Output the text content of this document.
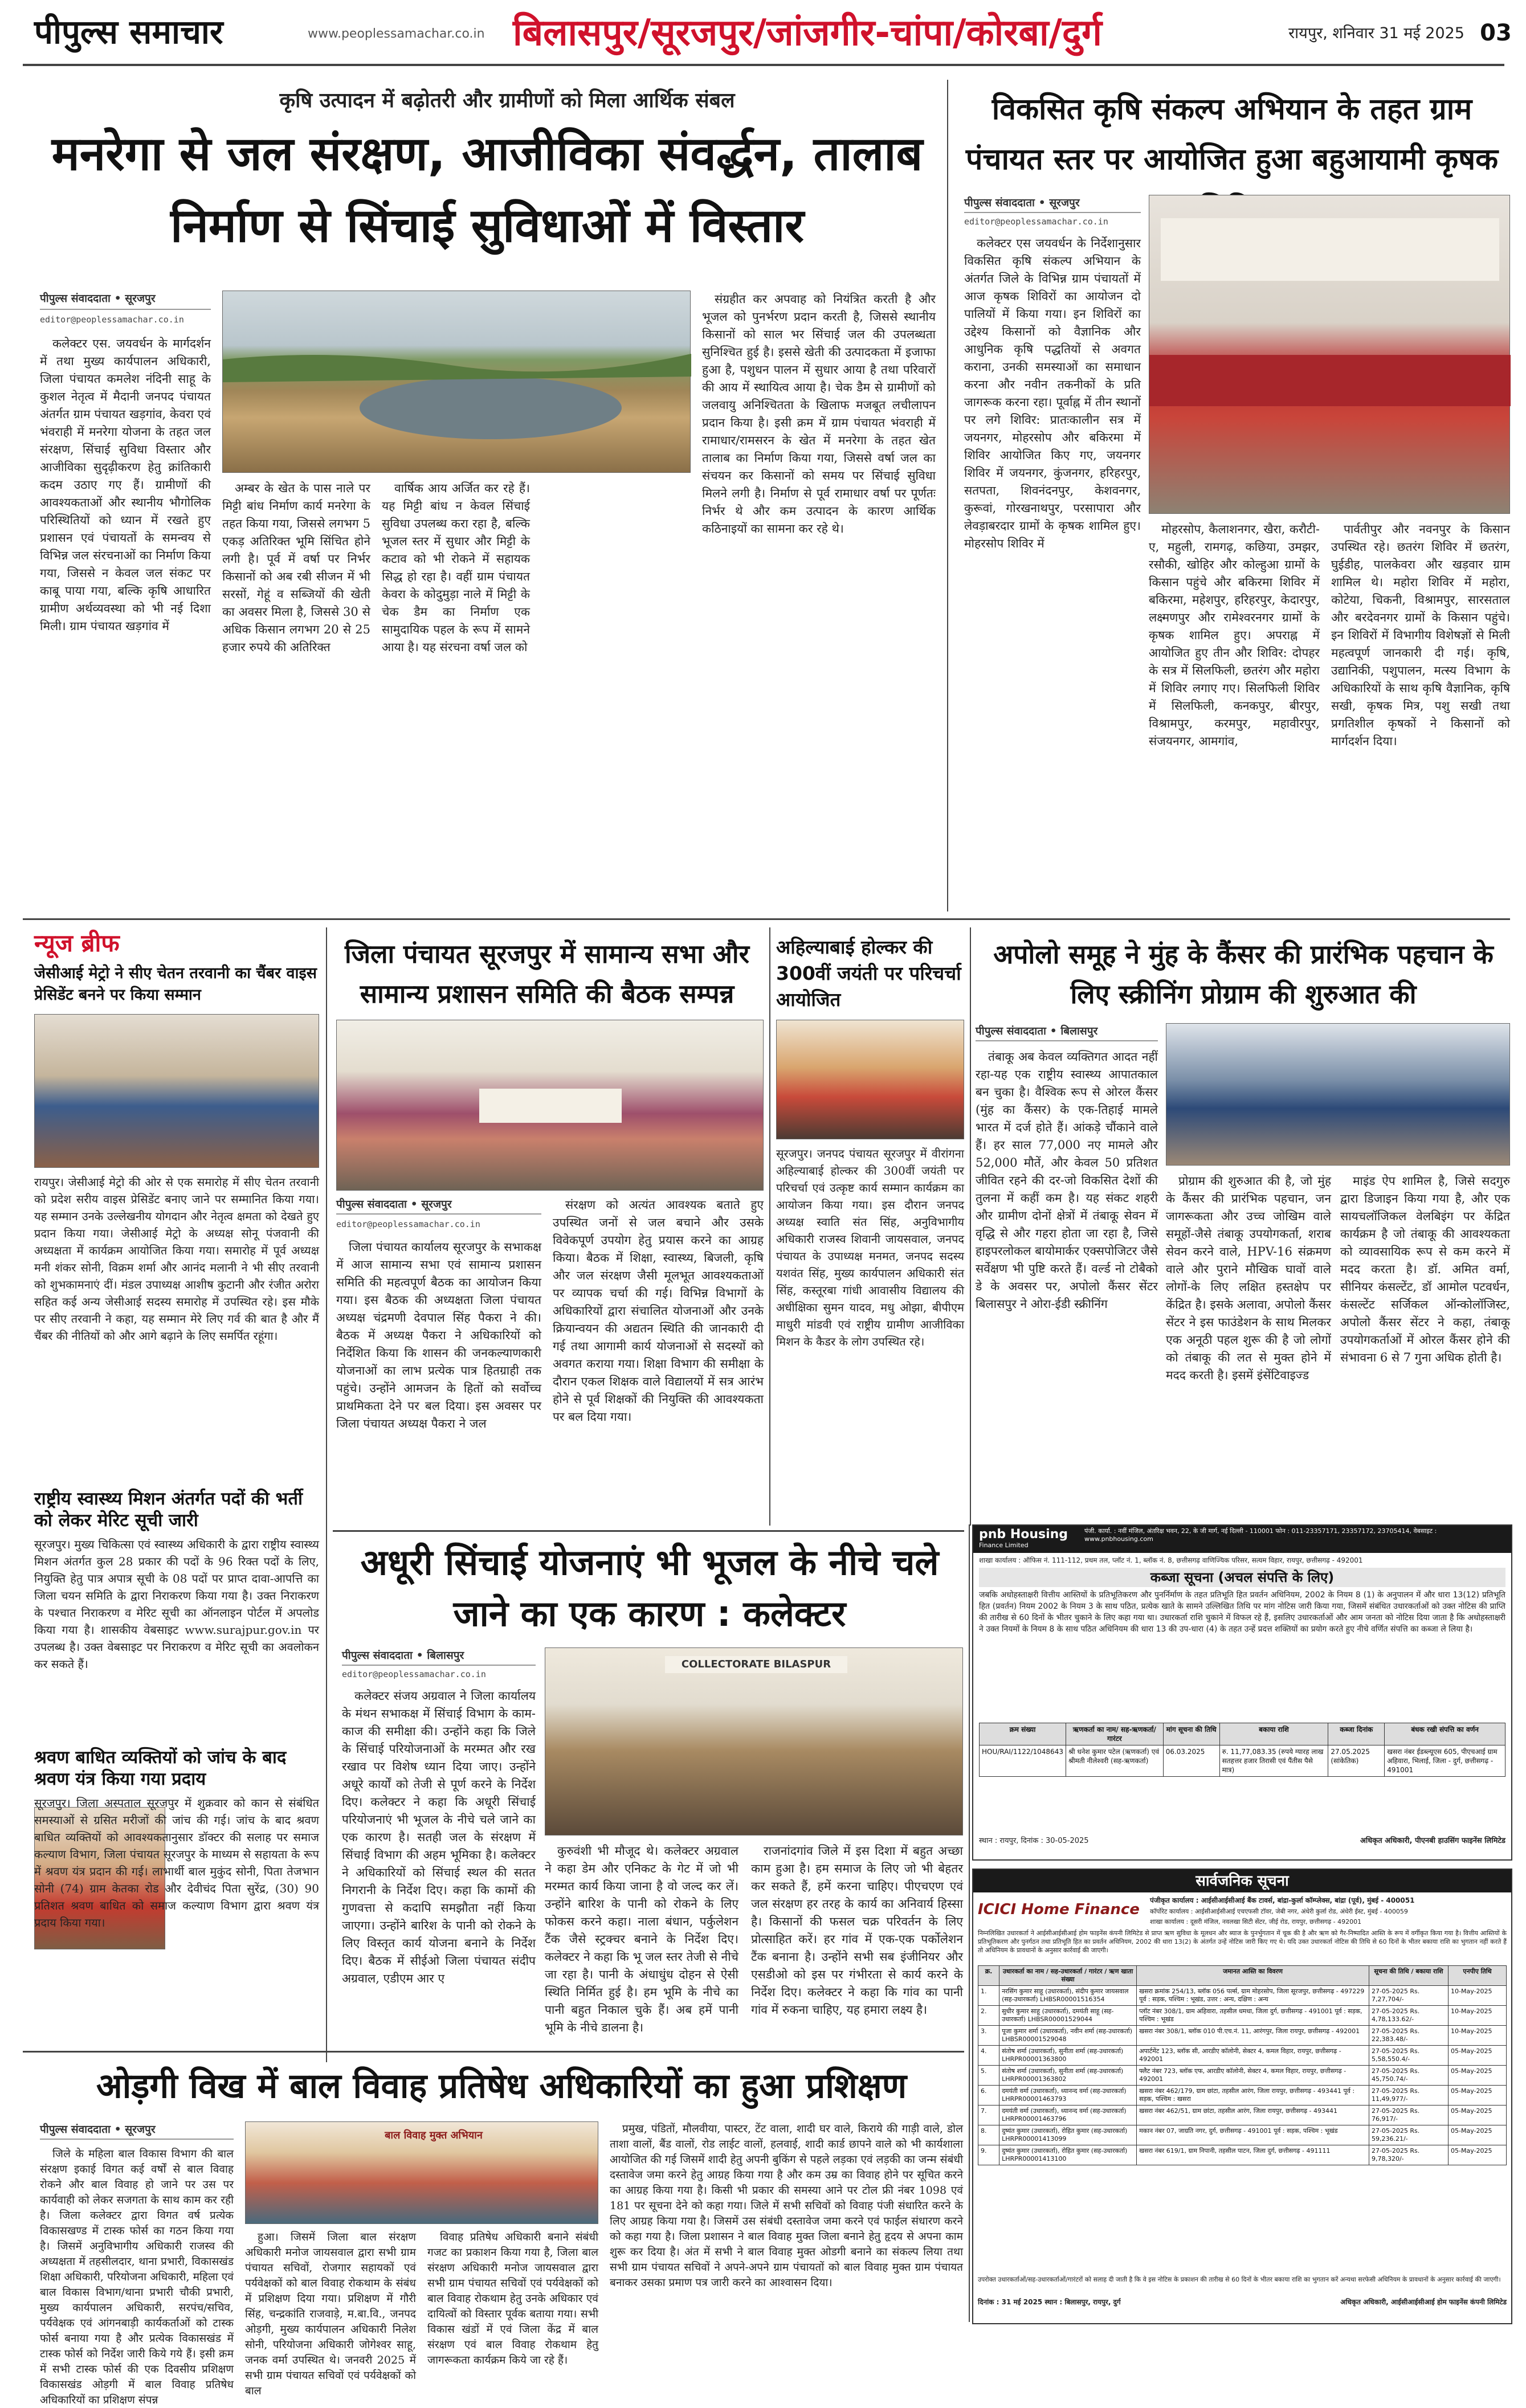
पीपुल्स समाचार	www.peoplessamachar.co.in बिलासपुर/सूरजपुर/जांजगीर-चांपा/कोरबा/दुर्ग	रायपुर, शनिवार 31 मई 2025 03
कृषि उत्पादन में बढ़ोतरी और ग्रामीणों को मिला आर्थिक संबल
मनरेगा से जल संरक्षण, आजीविका संवर्द्धन, तालाब निर्माण से सिंचाई सुविधाओं में विस्तार
पीपुल्स संवाददाता • सूरजपुर
editor@peoplessamachar.co.in

कलेक्टर एस. जयवर्धन के मार्गदर्शन में तथा मुख्य कार्यपालन अधिकारी, जिला पंचायत कमलेश नंदिनी साहू के कुशल नेतृत्व में मैदानी जनपद पंचायत अंतर्गत ग्राम पंचायत खड़गांव, केवरा एवं भंवराही में मनरेगा योजना के तहत जल संरक्षण, सिंचाई सुविधा विस्तार और आजीविका सुदृढ़ीकरण हेतु क्रांतिकारी कदम उठाए गए हैं। ग्रामीणों की आवश्यकताओं और स्थानीय भौगोलिक परिस्थितियों को ध्यान में रखते हुए प्रशासन एवं पंचायतों के समन्वय से विभिन्न जल संरचनाओं का निर्माण किया गया, जिससे न केवल जल संकट पर काबू पाया गया, बल्कि कृषि आधारित ग्रामीण अर्थव्यवस्था को भी नई दिशा मिली। ग्राम पंचायत खड़गांव में

अम्बर के खेत के पास नाले पर मिट्टी बांध निर्माण कार्य मनरेगा के तहत किया गया, जिससे लगभग 5 एकड़ अतिरिक्त भूमि सिंचित होने लगी है। पूर्व में वर्षा पर निर्भर किसानों को अब रबी सीजन में भी सरसों, गेहूं व सब्जियों की खेती का अवसर मिला है, जिससे 30 से अधिक किसान लगभग 20 से 25 हजार रुपये की अतिरिक्त

वार्षिक आय अर्जित कर रहे हैं। यह मिट्टी बांध न केवल सिंचाई सुविधा उपलब्ध करा रहा है, बल्कि भूजल स्तर में सुधार और मिट्टी के कटाव को भी रोकने में सहायक सिद्ध हो रहा है। वहीं ग्राम पंचायत केवरा के कोदुमुड़ा नाले में मिट्टी के चेक डैम का निर्माण एक सामुदायिक पहल के रूप में सामने आया है। यह संरचना वर्षा जल को

संग्रहीत कर अपवाह को नियंत्रित करती है और भूजल को पुनर्भरण प्रदान करती है, जिससे स्थानीय किसानों को साल भर सिंचाई जल की उपलब्धता सुनिश्चित हुई है। इससे खेती की उत्पादकता में इजाफा हुआ है, पशुधन पालन में सुधार आया है तथा परिवारों की आय में स्थायित्व आया है। चेक डैम से ग्रामीणों को जलवायु अनिश्चितता के खिलाफ मजबूत लचीलापन प्रदान किया है। इसी क्रम में ग्राम पंचायत भंवराही में रामाधार/रामसरन के खेत में मनरेगा के तहत खेत तालाब का निर्माण किया गया, जिससे वर्षा जल का संचयन कर किसानों को समय पर सिंचाई सुविधा मिलने लगी है। निर्माण से पूर्व रामाधार वर्षा पर पूर्णतः निर्भर थे और कम उत्पादन के कारण आर्थिक कठिनाइयों का सामना कर रहे थे।

विकसित कृषि संकल्प अभियान के तहत ग्राम पंचायत स्तर पर आयोजित हुआ बहुआयामी कृषक
पीपुल्स संवाददाता • सूरजपुर
editor@peoplessamachar.co.in

कलेक्टर एस जयवर्धन के निर्देशानुसार विकसित कृषि संकल्प अभियान के अंतर्गत जिले के विभिन्न ग्राम पंचायतों में आज कृषक शिविरों का आयोजन दो पालियों में किया गया। इन शिविरों का उद्देश्य किसानों को वैज्ञानिक और आधुनिक कृषि पद्धतियों से अवगत कराना, उनकी समस्याओं का समाधान करना और नवीन तकनीकों के प्रति जागरूक करना रहा। पूर्वाह्न में तीन स्थानों पर लगे शिविर: प्रातःकालीन सत्र में जयनगर, मोहरसोप और बकिरमा में शिविर आयोजित किए गए, जयनगर शिविर में जयनगर, कुंजनगर, हरिहरपुर, सतपता, शिवनंदनपुर, केशवनगर, कुरूवां, गोरखनाथपुर, परसापारा और लेवड़ाबरदार ग्रामों के कृषक शामिल हुए। मोहरसोप शिविर में

मोहरसोप, कैलाशनगर, खैरा, करौटी-ए, महुली, रामगढ़, कछिया, उमझर, रसौकी, खोहिर और कोल्हुआ ग्रामों के किसान पहुंचे और बकिरमा शिविर में बकिरमा, महेशपुर, हरिहरपुर, केदारपुर, लक्ष्मणपुर और रामेश्वरनगर ग्रामों के कृषक शामिल हुए। अपराह्न में आयोजित हुए तीन और शिविर: दोपहर के सत्र में सिलफिली, छतरंग और महोरा में शिविर लगाए गए। सिलफिली शिविर में सिलफिली, कनकपुर, बीरपुर, विश्रामपुर, करमपुर, महावीरपुर, संजयनगर, आमगांव,

पार्वतीपुर और नवनपुर के किसान उपस्थित रहे। छतरंग शिविर में छतरंग, घुईडीह, पालकेवरा और खड़वार ग्राम शामिल थे। महोरा शिविर में महोरा, कोटेया, चिकनी, विश्रामपुर, सारसताल और बरदेवनगर ग्रामों के किसान पहुंचे। इन शिविरों में विभागीय विशेषज्ञों से मिली महत्वपूर्ण जानकारी दी गई। कृषि, उद्यानिकी, पशुपालन, मत्स्य विभाग के अधिकारियों के साथ कृषि वैज्ञानिक, कृषि सखी, कृषक मित्र, पशु सखी तथा प्रगतिशील कृषकों ने किसानों को मार्गदर्शन दिया।

न्यूज ब्रीफ
जेसीआई मेट्रो ने सीए चेतन तरवानी का चैंबर वाइस प्रेसिडेंट बनने पर किया सम्मान
रायपुर। जेसीआई मेट्रो की ओर से एक समारोह में सीए चेतन तरवानी को प्रदेश सरीय वाइस प्रेसिडेंट बनाए जाने पर सम्मानित किया गया। यह सम्मान उनके उल्लेखनीय योगदान और नेतृत्व क्षमता को देखते हुए प्रदान किया गया। जेसीआई मेट्रो के अध्यक्ष सोनू पंजवानी की अध्यक्षता में कार्यक्रम आयोजित किया गया। समारोह में पूर्व अध्यक्ष मनी शंकर सोनी, विक्रम शर्मा और आनंद मलानी ने भी सीए तरवानी को शुभकामनाएं दीं। मंडल उपाध्यक्ष आशीष कुटानी और रंजीत अरोरा सहित कई अन्य जेसीआई सदस्य समारोह में उपस्थित रहे। इस मौके पर सीए तरवानी ने कहा, यह सम्मान मेरे लिए गर्व की बात है और मैं चैंबर की नीतियों को और आगे बढ़ाने के लिए समर्पित रहूंगा।
राष्ट्रीय स्वास्थ्य मिशन अंतर्गत पदों की भर्ती को लेकर मेरिट सूची जारी
सूरजपुर। मुख्य चिकित्सा एवं स्वास्थ्य अधिकारी के द्वारा राष्ट्रीय स्वास्थ्य मिशन अंतर्गत कुल 28 प्रकार की पदों के 96 रिक्त पदों के लिए, नियुक्ति हेतु पात्र अपात्र सूची के 08 पदों पर प्राप्त दावा-आपत्ति का जिला चयन समिति के द्वारा निराकरण किया गया है। उक्त निराकरण के पश्चात निराकरण व मेरिट सूची का ऑनलाइन पोर्टल में अपलोड किया गया है। शासकीय वेबसाइट www.surajpur.gov.in पर उपलब्ध है। उक्त वेबसाइट पर निराकरण व मेरिट सूची का अवलोकन कर सकते हैं।
श्रवण बाधित व्यक्तियों को जांच के बाद श्रवण यंत्र किया गया प्रदाय
सूरजपुर। जिला अस्पताल सूरजपुर में शुक्रवार को कान से संबंधित समस्याओं से ग्रसित मरीजों की जांच की गई। जांच के बाद श्रवण बाधित व्यक्तियों को आवश्यकतानुसार डॉक्टर की सलाह पर समाज कल्याण विभाग, जिला पंचायत सूरजपुर के माध्यम से सहायता के रूप में श्रवण यंत्र प्रदान की गई। लाभार्थी बाल मुकुंद सोनी, पिता तेजभान सोनी (74) ग्राम केतका रोड और देवीचंद पिता सुरेंद्र, (30) 90 प्रतिशत श्रवण बाधित को समाज कल्याण विभाग द्वारा श्रवण यंत्र प्रदाय किया गया।
जिला पंचायत सूरजपुर में सामान्य सभा और सामान्य प्रशासन समिति की बैठक सम्पन्न
पीपुल्स संवाददाता • सूरजपुर
editor@peoplessamachar.co.in

जिला पंचायत कार्यालय सूरजपुर के सभाकक्ष में आज सामान्य सभा एवं सामान्य प्रशासन समिति की महत्वपूर्ण बैठक का आयोजन किया गया। इस बैठक की अध्यक्षता जिला पंचायत अध्यक्ष चंद्रमणी देवपाल सिंह पैकरा ने की। बैठक में अध्यक्ष पैकरा ने अधिकारियों को निर्देशित किया कि शासन की जनकल्याणकारी योजनाओं का लाभ प्रत्येक पात्र हितग्राही तक पहुंचे। उन्होंने आमजन के हितों को सर्वोच्च प्राथमिकता देने पर बल दिया। इस अवसर पर जिला पंचायत अध्यक्ष पैकरा ने जल

संरक्षण को अत्यंत आवश्यक बताते हुए उपस्थित जनों से जल बचाने और उसके विवेकपूर्ण उपयोग हेतु प्रयास करने का आग्रह किया। बैठक में शिक्षा, स्वास्थ्य, बिजली, कृषि और जल संरक्षण जैसी मूलभूत आवश्यकताओं पर व्यापक चर्चा की गई। विभिन्न विभागों के अधिकारियों द्वारा संचालित योजनाओं और उनके क्रियान्वयन की अद्यतन स्थिति की जानकारी दी गई तथा आगामी कार्य योजनाओं से सदस्यों को अवगत कराया गया। शिक्षा विभाग की समीक्षा के दौरान एकल शिक्षक वाले विद्यालयों में सत्र आरंभ होने से पूर्व शिक्षकों की नियुक्ति की आवश्यकता पर बल दिया गया।

अहिल्याबाई होल्कर की 300वीं जयंती पर परिचर्चा आयोजित
सूरजपुर। जनपद पंचायत सूरजपुर में वीरांगना अहिल्याबाई होल्कर की 300वीं जयंती पर परिचर्चा एवं उत्कृष्ट कार्य सम्मान कार्यक्रम का आयोजन किया गया। इस दौरान जनपद अध्यक्ष स्वाति संत सिंह, अनुविभागीय अधिकारी राजस्व शिवानी जायसवाल, जनपद पंचायत के उपाध्यक्ष मनमत, जनपद सदस्य यशवंत सिंह, मुख्य कार्यपालन अधिकारी संत सिंह, कस्तूरबा गांधी आवासीय विद्यालय की अधीक्षिका सुमन यादव, मधु ओझा, बीपीएम माधुरी मांडवी एवं राष्ट्रीय ग्रामीण आजीविका मिशन के कैडर के लोग उपस्थित रहे।
अपोलो समूह ने मुंह के कैंसर की प्रारंभिक पहचान के लिए स्क्रीनिंग प्रोग्राम की शुरुआत की
पीपुल्स संवाददाता • बिलासपुर

तंबाकू अब केवल व्यक्तिगत आदत नहीं रहा-यह एक राष्ट्रीय स्वास्थ्य आपातकाल बन चुका है। वैश्विक रूप से ओरल कैंसर (मुंह का कैंसर) के एक-तिहाई मामले भारत में दर्ज होते हैं। आंकड़े चौंकाने वाले हैं। हर साल 77,000 नए मामले और 52,000 मौतें, और केवल 50 प्रतिशत जीवित रहने की दर-जो विकसित देशों की तुलना में कहीं कम है। यह संकट शहरी और ग्रामीण दोनों क्षेत्रों में तंबाकू सेवन में वृद्धि से और गहरा होता जा रहा है, जिसे हाइपरलोकल बायोमार्कर एक्सपोजिटर जैसे सर्वेक्षण भी पुष्टि करते हैं। वर्ल्ड नो टोबैको डे के अवसर पर, अपोलो कैंसर सेंटर बिलासपुर ने ओरा-ईडी स्क्रीनिंग

प्रोग्राम की शुरुआत की है, जो मुंह के कैंसर की प्रारंभिक पहचान, जन जागरूकता और उच्च जोखिम वाले समूहों-जैसे तंबाकू उपयोगकर्ता, शराब सेवन करने वाले, HPV-16 संक्रमण वाले और पुराने मौखिक घावों वाले लोगों-के लिए लक्षित हस्तक्षेप पर केंद्रित है। इसके अलावा, अपोलो कैंसर सेंटर ने इस फाउंडेशन के साथ मिलकर एक अनूठी पहल शुरू की है जो लोगों को तंबाकू की लत से मुक्त होने में मदद करती है। इसमें इंसेंटिवाइज्ड

माइंड ऐप शामिल है, जिसे सदगुरु द्वारा डिजाइन किया गया है, और एक सायचलॉजिकल वेलबिइंग पर केंद्रित कार्यक्रम है जो तंबाकू की आवश्यकता को व्यावसायिक रूप से कम करने में मदद करता है। डॉ. अमित वर्मा, सीनियर कंसल्टेंट, डॉ आमोल पटवर्धन, कंसल्टेंट सर्जिकल ऑन्कोलॉजिस्ट, अपोलो कैंसर सेंटर ने कहा, तंबाकू उपयोगकर्ताओं में ओरल कैंसर होने की संभावना 6 से 7 गुना अधिक होती है।

अधूरी सिंचाई योजनाएं भी भूजल के नीचे चले जाने का एक कारण : कलेक्टर
पीपुल्स संवाददाता • बिलासपुर
editor@peoplessamachar.co.in

कलेक्टर संजय अग्रवाल ने जिला कार्यालय के मंथन सभाकक्ष में सिंचाई विभाग के काम-काज की समीक्षा की। उन्होंने कहा कि जिले के सिंचाई परियोजनाओं के मरम्मत और रख रखाव पर विशेष ध्यान दिया जाए। उन्होंने अधूरे कार्यों को तेजी से पूर्ण करने के निर्देश दिए। कलेक्टर ने कहा कि अधूरी सिंचाई परियोजनाएं भी भूजल के नीचे चले जाने का एक कारण है। सतही जल के संरक्षण में सिंचाई विभाग की अहम भूमिका है। कलेक्टर ने अधिकारियों को सिंचाई स्थल की सतत निगरानी के निर्देश दिए। कहा कि कामों की गुणवत्ता से कदापि समझौता नहीं किया जाएगा। उन्होंने बारिश के पानी को रोकने के लिए विस्तृत कार्य योजना बनाने के निर्देश दिए। बैठक में सीईओ जिला पंचायत संदीप अग्रवाल, एडीएम आर ए

COLLECTORATE BILASPUR

कुरुवंशी भी मौजूद थे। कलेक्टर अग्रवाल ने कहा डेम और एनिकट के गेट में जो भी मरम्मत कार्य किया जाना है वो जल्द कर लें। उन्होंने बारिश के पानी को रोकने के लिए फोकस करने कहा। नाला बंधान, पर्कुलेशन टैंक जैसे स्ट्रक्चर बनाने के निर्देश दिए। कलेक्टर ने कहा कि भू जल स्तर तेजी से नीचे जा रहा है। पानी के अंधाधुंध दोहन से ऐसी स्थिति निर्मित हुई है। हम भूमि के नीचे का पानी बहुत निकाल चुके हैं। अब हमें पानी भूमि के नीचे डालना है।

राजनांदगांव जिले में इस दिशा में बहुत अच्छा काम हुआ है। हम समाज के लिए जो भी बेहतर कर सकते हैं, हमें करना चाहिए। पीएचएण एवं जल संरक्षण हर तरह के कार्य का अनिवार्य हिस्सा है। किसानों की फसल चक्र परिवर्तन के लिए प्रोत्साहित करें। हर गांव में एक-एक पर्कोलेशन टैंक बनाना है। उन्होंने सभी सब इंजीनियर और एसडीओ को इस पर गंभीरता से कार्य करने के निर्देश दिए। कलेक्टर ने कहा कि गांव का पानी गांव में रुकना चाहिए, यह हमारा लक्ष्य है।

ओड़गी विख में बाल विवाह प्रतिषेध अधिकारियों का हुआ प्रशिक्षण
पीपुल्स संवाददाता • सूरजपुर

जिले के महिला बाल विकास विभाग की बाल संरक्षण इकाई विगत कई वर्षों से बाल विवाह रोकने और बाल विवाह हो जाने पर उस पर कार्यवाही को लेकर सजगता के साथ काम कर रही है। जिला कलेक्टर द्वारा विगत वर्ष प्रत्येक विकासखण्ड में टास्क फोर्स का गठन किया गया है। जिसमें अनुविभागीय अधिकारी राजस्व की अध्यक्षता में तहसीलदार, थाना प्रभारी, विकासखंड शिक्षा अधिकारी, परियोजना अधिकारी, महिला एवं बाल विकास विभाग/थाना प्रभारी चौकी प्रभारी, मुख्य कार्यपालन अधिकारी, सरपंच/सचिव, पर्यवेक्षक एवं आंगनबाड़ी कार्यकर्ताओं को टास्क फोर्स बनाया गया है और प्रत्येक विकासखंड में टास्क फोर्स को निर्देश जारी किये गये हैं। इसी क्रम में सभी टास्क फोर्स की एक दिवसीय प्रशिक्षण विकासखंड ओड़गी में बाल विवाह प्रतिषेध अधिकारियों का प्रशिक्षण संपन्न

बाल विवाह मुक्त अभियान

हुआ। जिसमें जिला बाल संरक्षण अधिकारी मनोज जायसवाल द्वारा सभी ग्राम पंचायत सचिवों, रोजगार सहायकों एवं पर्यवेक्षकों को बाल विवाह रोकथाम के संबंध में प्रशिक्षण दिया गया। प्रशिक्षण में गौरी सिंह, चन्द्रकांति राजवाड़े, म.बा.वि., जनपद ओड़गी, मुख्य कार्यपालन अधिकारी निलेश सोनी, परियोजना अधिकारी जोगेश्वर साहू, जनक वर्मा उपस्थित थे। जनवरी 2025 में सभी ग्राम पंचायत सचिवों एवं पर्यवेक्षकों को बाल

विवाह प्रतिषेध अधिकारी बनाने संबंधी गजट का प्रकाशन किया गया है, जिला बाल संरक्षण अधिकारी मनोज जायसवाल द्वारा सभी ग्राम पंचायत सचिवों एवं पर्यवेक्षकों को बाल विवाह रोकथाम हेतु उनके अधिकार एवं दायित्वों को विस्तार पूर्वक बताया गया। सभी विकास खंडों में एवं जिला केंद्र में बाल संरक्षण एवं बाल विवाह रोकथाम हेतु जागरूकता कार्यक्रम किये जा रहे हैं।

प्रमुख, पंडितों, मौलवीया, पास्टर, टेंट वाला, शादी घर वाले, किराये की गाड़ी वाले, डोल ताशा वालों, बैंड वालों, रोड लाईट वालों, हलवाई, शादी कार्ड छापने वाले को भी कार्यशाला आयोजित की गई जिसमें शादी हेतु अपनी बुकिंग से पहले लड़का एवं लड़की का जन्म संबंधी दस्तावेज जमा करने हेतु आग्रह किया गया है और कम उम्र का विवाह होने पर सूचित करने का आग्रह किया गया है। किसी भी प्रकार की समस्या आने पर टोल फ्री नंबर 1098 एवं 181 पर सूचना देने को कहा गया। जिले में सभी सचिवों को विवाह पंजी संधारित करने के लिए आग्रह किया गया है। जिसमें उस संबंधी दस्तावेज जमा करने एवं फाईल संधारण करने को कहा गया है। जिला प्रशासन ने बाल विवाह मुक्त जिला बनाने हेतु हृदय से अपना काम शुरू कर दिया है। अंत में सभी ने बाल विवाह मुक्त ओडगी बनाने का संकल्प लिया तथा सभी ग्राम पंचायत सचिवों ने अपने-अपने ग्राम पंचायतों को बाल विवाह मुक्त ग्राम पंचायत बनाकर उसका प्रमाण पत्र जारी करने का आश्वासन दिया।

pnb Housing
Finance Limited
पंजी. कार्या. : नवीं मंजिल, अंतरिक्ष भवन, 22, के जी मार्ग, नई दिल्ली - 110001 फोन : 011-23357171, 23357172, 23705414, वेबसाइट : www.pnbhousing.com
शाखा कार्यालय : ऑफिस नं. 111-112, प्रथम तल, प्लॉट नं. 1, ब्लॉक नं. 8, छत्तीसगढ़ वाणिज्यिक परिसर, सत्यम विहार, रायपुर, छत्तीसगढ़ - 492001
कब्जा सूचना (अचल संपत्ति के लिए)
जबकि अधोहस्ताक्षरी वित्तीय आस्तियों के प्रतिभूतिकरण और पुनर्निर्माण के तहत प्रतिभूति हित प्रवर्तन अधिनियम, 2002 के नियम 8 (1) के अनुपालन में और धारा 13(12) प्रतिभूति हित (प्रवर्तन) नियम 2002 के नियम 3 के साथ पठित, प्रत्येक खाते के सामने उल्लिखित तिथि पर मांग नोटिस जारी किया गया, जिसमें संबंधित उधारकर्ताओं को उक्त नोटिस की प्राप्ति की तारीख से 60 दिनों के भीतर चुकाने के लिए कहा गया था। उधारकर्ता राशि चुकाने में विफल रहे हैं, इसलिए उधारकर्ताओं और आम जनता को नोटिस दिया जाता है कि अधोहस्ताक्षरी ने उक्त नियमों के नियम 8 के साथ पठित अधिनियम की धारा 13 की उप-धारा (4) के तहत उन्हें प्रदत्त शक्तियों का प्रयोग करते हुए नीचे वर्णित संपत्ति का कब्जा ले लिया है।
क्रम संख्या	ऋणकर्ता का नाम/ सह-ऋणकर्ता/ गारंटर	मांग सूचना की तिथि	बकाया राशि	कब्जा दिनांक	बंधक रखी संपत्ति का वर्णन
HOU/RAI/1122/1048643	श्री धनेश कुमार पटेल (ऋणकर्ता) एवं श्रीमती नीलेश्वरी (सह-ऋणकर्ता)	06.03.2025	रु. 11,77,083.35 (रुपये ग्यारह लाख सतहत्तर हजार तिरासी एवं पैंतीस पैसे मात्र)	27.05.2025 (सांकेतिक)	खसरा नंबर ईडब्ल्यूएस 605, पीएचआई ग्राम अहिवारा, भिलाई, जिला - दुर्ग, छत्तीसगढ़ - 491001
स्थान : रायपुर, दिनांक : 30-05-2025	अधिकृत अधिकारी, पीएनबी हाउसिंग फाइनेंस लिमिटेड
सार्वजनिक सूचना
ICICI Home Finance
पंजीकृत कार्यालय : आईसीआईसीआई बैंक टावर्स, बांद्रा-कुर्ला कॉम्प्लेक्स, बांद्रा (पूर्व), मुंबई - 400051
कॉर्पोरेट कार्यालय : आईसीआईसीआई एचएफसी टॉवर, जेबी नगर, अंधेरी कुर्ला रोड, अंधेरी ईस्ट, मुंबई - 400059
शाखा कार्यालय : दूसरी मंजिल, नवलखा सिटी सेंटर, जीई रोड, रायपुर, छत्तीसगढ़ - 492001
निम्नलिखित उधारकर्ता ने आईसीआईसीआई होम फाइनेंस कंपनी लिमिटेड से प्राप्त ऋण सुविधा के मूलधन और ब्याज के पुनर्भुगतान में चूक की है और ऋण को गैर-निष्पादित आस्ति के रूप में वर्गीकृत किया गया है। वित्तीय आस्तियों के प्रतिभूतिकरण और पुनर्गठन तथा प्रतिभूति हित का प्रवर्तन अधिनियम, 2002 की धारा 13(2) के अंतर्गत उन्हें नोटिस जारी किए गए थे। यदि उक्त उधारकर्ता नोटिस की तिथि से 60 दिनों के भीतर बकाया राशि का भुगतान नहीं करते हैं तो अधिनियम के प्रावधानों के अनुसार कार्रवाई की जाएगी।
क्र.	उधारकर्ता का नाम / सह-उधारकर्ता / गारंटर / ऋण खाता संख्या	जमानत आस्ति का विवरण	सूचना की तिथि / बकाया राशि	एनपीए तिथि
1.	नरसिंग कुमार साहू (उधारकर्ता), संदीप कुमार जायसवाल (सह-उधारकर्ता) LHBSR00001516354	खसरा क्रमांक 254/13, ब्लॉक 056 पर्ल्स, ग्राम मोहरसोप, जिला सूरजपुर, छत्तीसगढ़ - 497229 पूर्व : सड़क, पश्चिम : भूखंड, उत्तर : अन्य, दक्षिण : अन्य	27-05-2025 Rs. 7,27,704/-	10-May-2025
2.	सुधीर कुमार साहू (उधारकर्ता), दमयंती साहू (सह-उधारकर्ता) LHBSR00001529044	प्लॉट नंबर 308/1, ग्राम अहिवारा, तहसील धमधा, जिला दुर्ग, छत्तीसगढ़ - 491001 पूर्व : सड़क, पश्चिम : भूखंड	27-05-2025 Rs. 4,78,133.62/-	10-May-2025
3.	पूजा कुमार शर्मा (उधारकर्ता), नवीन शर्मा (सह-उधारकर्ता) LHBSR00001529048	खसरा नंबर 308/1, ब्लॉक 010 पी.एच.नं. 11, आरंगपुर, जिला रायपुर, छत्तीसगढ़ - 492001	27-05-2025 Rs. 22,383.48/-	10-May-2025
4.	संतोष शर्मा (उधारकर्ता), सुनीता शर्मा (सह-उधारकर्ता) LHRPR00001363800	अपार्टमेंट 123, ब्लॉक सी, आरडीए कॉलोनी, सेक्टर 4, कमल विहार, रायपुर, छत्तीसगढ़ - 492001	27-05-2025 Rs. 5,58,550.4/-	05-May-2025
5.	संतोष शर्मा (उधारकर्ता), सुनीता शर्मा (सह-उधारकर्ता) LHRPR00001363802	फ्लैट नंबर 723, ब्लॉक एफ, आरडीए कॉलोनी, सेक्टर 4, कमल विहार, रायपुर, छत्तीसगढ़ - 492001	27-05-2025 Rs. 45,750.74/-	05-May-2025
6.	दमयंती वर्मा (उधारकर्ता), ध्यानन्द वर्मा (सह-उधारकर्ता) LHRPR00001463793	खसरा नंबर 462/179, ग्राम छांटा, तहसील आरंग, जिला रायपुर, छत्तीसगढ़ - 493441 पूर्व : सड़क, पश्चिम : खसरा	27-05-2025 Rs. 11,49,977/-	05-May-2025
7.	दमयंती वर्मा (उधारकर्ता), ध्यानन्द वर्मा (सह-उधारकर्ता) LHRPR00001463796	खसरा नंबर 462/51, ग्राम छांटा, तहसील आरंग, जिला रायपुर, छत्तीसगढ़ - 493441	27-05-2025 Rs. 76,917/-	05-May-2025
8.	दुष्यंत कुमार (उधारकर्ता), रोहित कुमार (सह-उधारकर्ता) LHRPR00001413099	मकान नंबर 07, जाग्रति नगर, दुर्ग, छत्तीसगढ़ - 491001 पूर्व : सड़क, पश्चिम : भूखंड	27-05-2025 Rs. 59,236.21/-	05-May-2025
9.	दुष्यंत कुमार (उधारकर्ता), रोहित कुमार (सह-उधारकर्ता) LHRPR00001413100	खसरा नंबर 619/1, ग्राम निपानी, तहसील पाटन, जिला दुर्ग, छत्तीसगढ़ - 491111	27-05-2025 Rs. 9,78,320/-	05-May-2025
उपरोक्त उधारकर्ताओं/सह-उधारकर्ताओं/गारंटरों को सलाह दी जाती है कि वे इस नोटिस के प्रकाशन की तारीख से 60 दिनों के भीतर बकाया राशि का भुगतान करें अन्यथा सरफेसी अधिनियम के प्रावधानों के अनुसार कार्रवाई की जाएगी।
दिनांक : 31 मई 2025 स्थान : बिलासपुर, रायपुर, दुर्ग	अधिकृत अधिकारी, आईसीआईसीआई होम फाइनेंस कंपनी लिमिटेड
